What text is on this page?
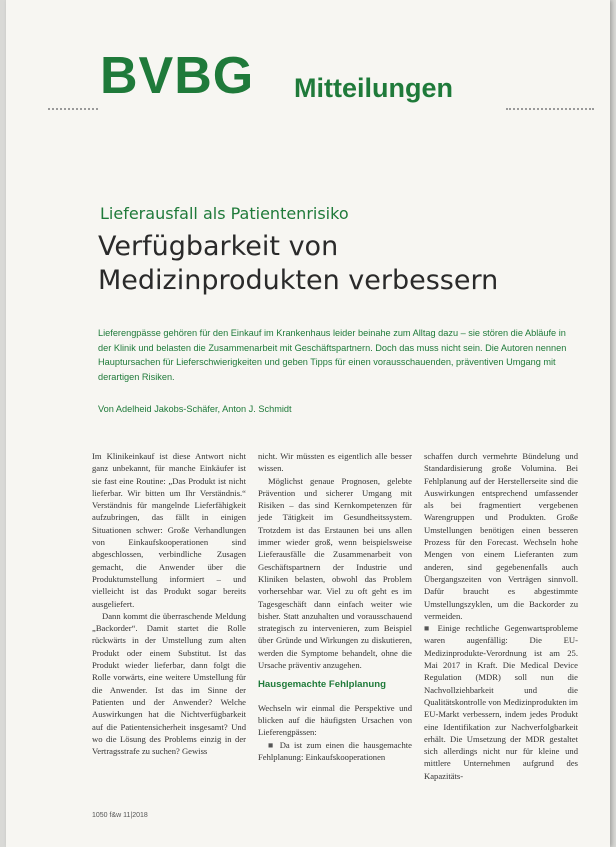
BVBG Mitteilungen
Lieferausfall als Patientenrisiko
Verfügbarkeit von Medizinprodukten verbessern
Lieferengpässe gehören für den Einkauf im Krankenhaus leider beinahe zum Alltag dazu – sie stören die Abläufe in der Klinik und belasten die Zusammenarbeit mit Geschäftspartnern. Doch das muss nicht sein. Die Autoren nennen Hauptursachen für Lieferschwierigkeiten und geben Tipps für einen vorausschauenden, präventiven Umgang mit derartigen Risiken.
Von Adelheid Jakobs-Schäfer, Anton J. Schmidt

Im Klinikeinkauf ist diese Antwort nicht ganz unbekannt, für manche Einkäufer ist sie fast eine Routine: „Das Produkt ist nicht lieferbar. Wir bitten um Ihr Verständnis.“ Verständnis für mangelnde Lieferfähigkeit aufzubringen, das fällt in einigen Situationen schwer: Große Verhandlungen von Einkaufskooperationen sind abgeschlossen, verbindliche Zusagen gemacht, die Anwender über die Produktumstellung informiert – und vielleicht ist das Produkt sogar bereits ausgeliefert.

Dann kommt die überraschende Meldung „Backorder“. Damit startet die Rolle rückwärts in der Umstellung zum alten Produkt oder einem Substitut. Ist das Produkt wieder lieferbar, dann folgt die Rolle vorwärts, eine weitere Umstellung für die Anwender. Ist das im Sinne der Patienten und der Anwender? Welche Auswirkungen hat die Nichtverfügbarkeit auf die Patientensicherheit insgesamt? Und wo die Lösung des Problems einzig in der Vertragsstrafe zu suchen? Gewiss

nicht. Wir müssten es eigentlich alle besser wissen.

Möglichst genaue Prognosen, gelebte Prävention und sicherer Umgang mit Risiken – das sind Kernkompetenzen für jede Tätigkeit im Gesundheitssystem. Trotzdem ist das Erstaunen bei uns allen immer wieder groß, wenn beispielsweise Lieferausfälle die Zusammenarbeit von Geschäftspartnern der Industrie und Kliniken belasten, obwohl das Problem vorhersehbar war. Viel zu oft geht es im Tagesgeschäft dann einfach weiter wie bisher. Statt anzuhalten und vorausschauend strategisch zu intervenieren, zum Beispiel über Gründe und Wirkungen zu diskutieren, werden die Symptome behandelt, ohne die Ursache präventiv anzugehen.

Hausgemachte Fehlplanung

Wechseln wir einmal die Perspektive und blicken auf die häufigsten Ursachen von Lieferengpässen:

■ Da ist zum einen die hausgemachte Fehlplanung: Einkaufskooperationen

schaffen durch vermehrte Bündelung und Standardisierung große Volumina. Bei Fehlplanung auf der Herstellerseite sind die Auswirkungen entsprechend umfassender als bei fragmentiert vergebenen Warengruppen und Produkten. Große Umstellungen benötigen einen besseren Prozess für den Forecast. Wechseln hohe Mengen von einem Lieferanten zum anderen, sind gegebenenfalls auch Übergangszeiten von Verträgen sinnvoll. Dafür braucht es abgestimmte Umstellungszyklen, um die Backorder zu vermeiden.

■ Einige rechtliche Gegenwartsprobleme waren augenfällig: Die EU-Medizinprodukte-Verordnung ist am 25. Mai 2017 in Kraft. Die Medical Device Regulation (MDR) soll nun die Nachvollziehbarkeit und die Qualitätskontrolle von Medizinprodukten im EU-Markt verbessern, indem jedes Produkt eine Identifikation zur Nachverfolgbarkeit erhält. Die Umsetzung der MDR gestaltet sich allerdings nicht nur für kleine und mittlere Unternehmen aufgrund des Kapazitäts-

1050 f&w 11|2018
